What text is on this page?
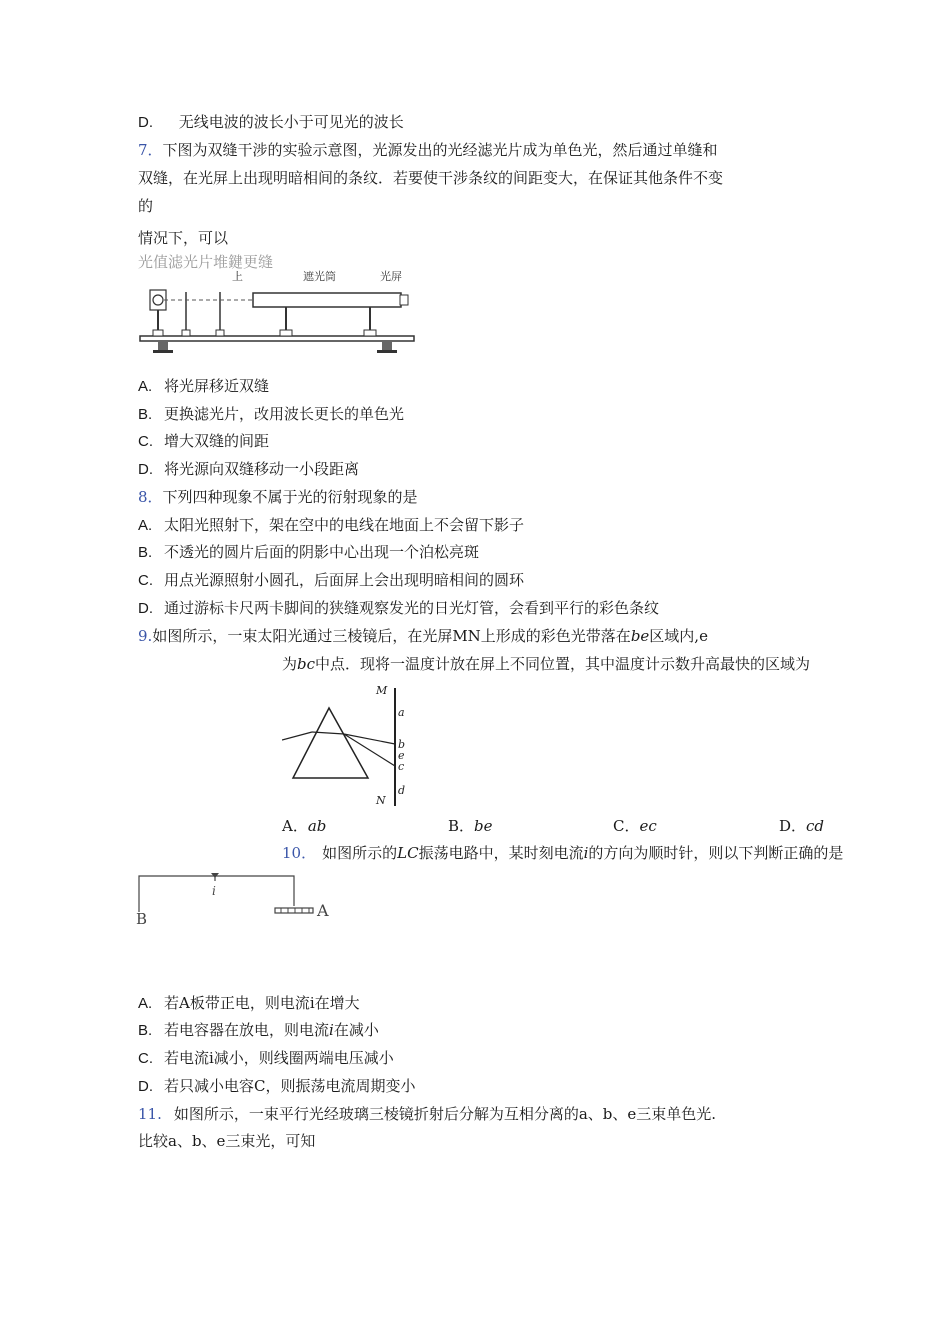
D. 无线电波的波长小于可见光的波长
7．下图为双缝干涉的实验示意图，光源发出的光经滤光片成为单色光，然后通过单缝和
双缝，在光屏上出现明暗相间的条纹．若要使干涉条纹的间距变大，在保证其他条件不变
的
情况下，可以
光值滤光片堆鍵更缝
上	遮光筒	光屏
A. 将光屏移近双缝
B. 更换滤光片，改用波长更长的单色光
C. 增大双缝的间距
D. 将光源向双缝移动一小段距离
8．下列四种现象不属于光的衍射现象的是
A. 太阳光照射下，架在空中的电线在地面上不会留下影子
B. 不透光的圆片后面的阴影中心出现一个泊松亮斑
C. 用点光源照射小圆孔，后面屏上会出现明暗相间的圆环
D. 通过游标卡尺两卡脚间的狭缝观察发光的日光灯管，会看到平行的彩色条纹
9.如图所示，一束太阳光通过三棱镜后，在光屏MN上形成的彩色光带落在be区域内,e
为bc中点．现将一温度计放在屏上不同位置，其中温度计示数升高最快的区域为
M
a
b
e
c
N
d
A．ab	B．be	C．ec	D．cd
10． 如图所示的LC振荡电路中，某时刻电流i的方向为顺时针，则以下判断正确的是
i
A
B
A. 若A板带正电，则电流i在增大
B. 若电容器在放电，则电流i在减小
C. 若电流i减小，则线圈两端电压减小
D. 若只减小电容C，则振荡电流周期变小
11. 如图所示，一束平行光经玻璃三棱镜折射后分解为互相分离的a、b、e三束单色光.
比较a、b、e三束光，可知
